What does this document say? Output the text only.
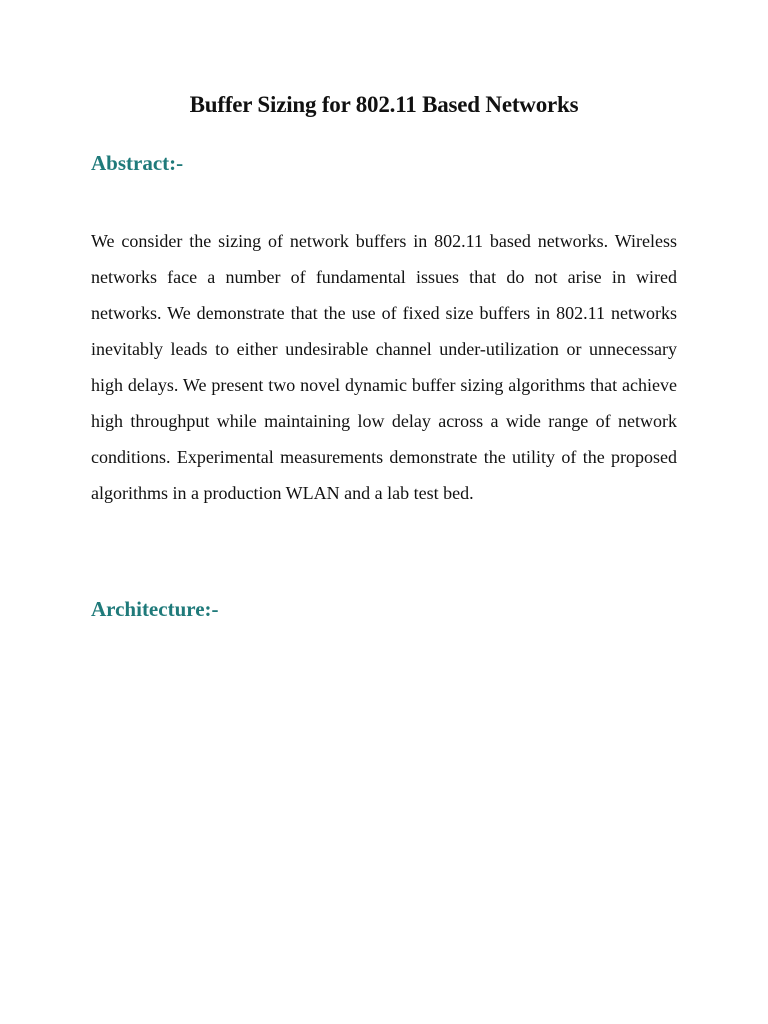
Buffer Sizing for 802.11 Based Networks
Abstract:-

We consider the sizing of network buffers in 802.11 based networks. Wireless networks face a number of fundamental issues that do not arise in wired networks. We demonstrate that the use of fixed size buffers in 802.11 networks inevitably leads to either undesirable channel under-utilization or unnecessary high delays. We present two novel dynamic buffer sizing algorithms that achieve high throughput while maintaining low delay across a wide range of network conditions. Experimental measurements demonstrate the utility of the proposed algorithms in a production WLAN and a lab test bed.

Architecture:-
